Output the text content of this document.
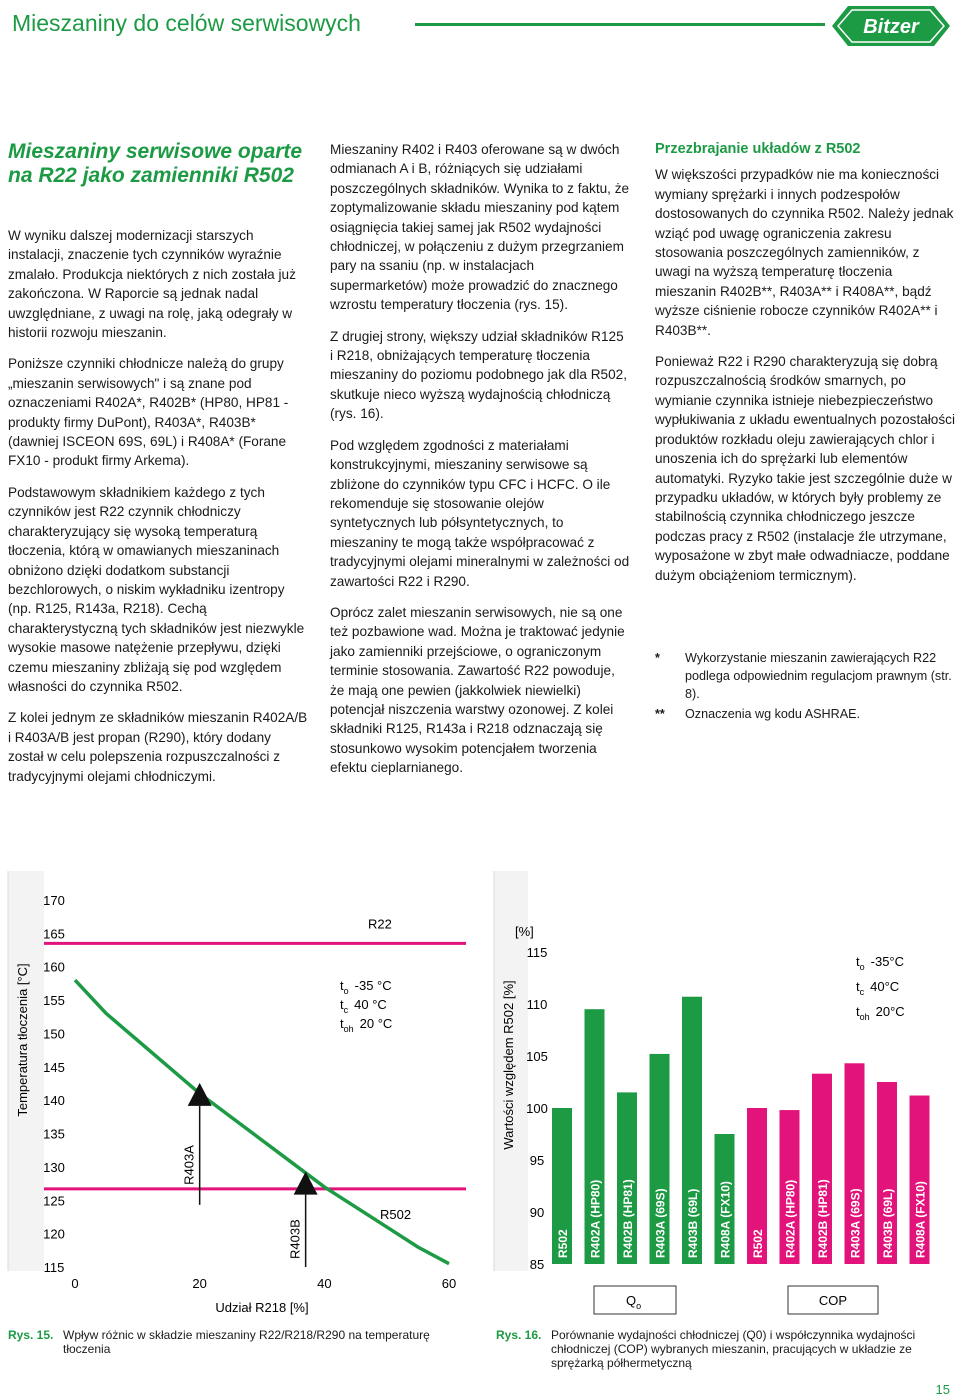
Mieszaniny do celów serwisowych	Bitzer
Mieszaniny serwisowe oparte na R22 jako zamienniki R502

W wyniku dalszej modernizacji starszych instalacji, znaczenie tych czynników wyraźnie zmalało. Produkcja niektórych z nich została już zakończona. W Raporcie są jednak nadal uwzględniane, z uwagi na rolę, jaką odegrały w historii rozwoju mieszanin.

Poniższe czynniki chłodnicze należą do grupy „mieszanin serwisowych" i są znane pod oznaczeniami R402A*, R402B* (HP80, HP81 - produkty firmy DuPont), R403A*, R403B* (dawniej ISCEON 69S, 69L) i R408A* (Forane FX10 - produkt firmy Arkema).

Podstawowym składnikiem każdego z tych czynników jest R22 czynnik chłodniczy charakteryzujący się wysoką temperaturą tłoczenia, którą w omawianych mieszaninach obniżono dzięki dodatkom substancji bezchlorowych, o niskim wykładniku izentropy (np. R125, R143a, R218). Cechą charakterystyczną tych składników jest niezwykle wysokie masowe natężenie przepływu, dzięki czemu mieszaniny zbliżają się pod względem własności do czynnika R502.

Z kolei jednym ze składników mieszanin R402A/B i R403A/B jest propan (R290), który dodany został w celu polepszenia rozpuszczalności z tradycyjnymi olejami chłodniczymi.

Mieszaniny R402 i R403 oferowane są w dwóch odmianach A i B, różniących się udziałami poszczególnych składników. Wynika to z faktu, że zoptymalizowanie składu mieszaniny pod kątem osiągnięcia takiej samej jak R502 wydajności chłodniczej, w połączeniu z dużym przegrzaniem pary na ssaniu (np. w instalacjach supermarketów) może prowadzić do znacznego wzrostu temperatury tłoczenia (rys. 15).

Z drugiej strony, większy udział składników R125 i R218, obniżających temperaturę tłoczenia mieszaniny do poziomu podobnego jak dla R502, skutkuje nieco wyższą wydajnością chłodniczą (rys. 16).

Pod względem zgodności z materiałami konstrukcyjnymi, mieszaniny serwisowe są zbliżone do czynników typu CFC i HCFC. O ile rekomenduje się stosowanie olejów syntetycznych lub półsyntetycznych, to mieszaniny te mogą także współpracować z tradycyjnymi olejami mineralnymi w zależności od zawartości R22 i R290.

Oprócz zalet mieszanin serwisowych, nie są one też pozbawione wad. Można je traktować jedynie jako zamienniki przejściowe, o ograniczonym terminie stosowania. Zawartość R22 powoduje, że mają one pewien (jakkolwiek niewielki) potencjał niszczenia warstwy ozonowej. Z kolei składniki R125, R143a i R218 odznaczają się stosunkowo wysokim potencjałem tworzenia efektu cieplarnianego.

Przezbrajanie układów z R502

W większości przypadków nie ma konieczności wymiany sprężarki i innych podzespołów dostosowanych do czynnika R502. Należy jednak wziąć pod uwagę ograniczenia zakresu stosowania poszczególnych zamienników, z uwagi na wyższą temperaturę tłoczenia mieszanin R402B**, R403A** i R408A**, bądź wyższe ciśnienie robocze czynników R402A** i R403B**.

Ponieważ R22 i R290 charakteryzują się dobrą rozpuszczalnością środków smarnych, po wymianie czynnika istnieje niebezpieczeństwo wypłukiwania z układu ewentualnych pozostałości produktów rozkładu oleju zawierających chlor i unoszenia ich do sprężarki lub elementów automatyki. Ryzyko takie jest szczególnie duże w przypadku układów, w których były problemy ze stabilnością czynnika chłodniczego jeszcze podczas pracy z R502 (instalacje źle utrzymane, wyposażone w zbyt małe odwadniacze, poddane dużym obciążeniom termicznym).

*	Wykorzystanie mieszanin zawierających R22 podlega odpowiednim regulacjom prawnym (str. 8).
**	Oznaczenia wg kodu ASHRAE.
Temperatura tłoczenia [°C]
115
120
125
130
135
140
145
150
155
160
165
170
0	20	40	60
Udział R218 [%]
R22
R502
R403A
R403B
$t_o$ -35 °C
$t_c$ 40 °C
$t_{oh}$ 20 °C
Rys. 15. Wpływ różnic w składzie mieszaniny R22/R218/R290 na temperaturę tłoczenia
Wartości względem R502 [%]
[%]
85
90
95
100
105
110
115
R502 R402A (HP80) R402B (HP81) R403A (69S) R403B (69L) R408A (FX10) R502 R402A (HP80) R402B (HP81) R403A (69S) R403B (69L) R408A (FX10)
$Q_o$	COP
$t_o$ -35°C
$t_c$ 40°C
$t_{oh}$ 20°C
Rys. 16. Porównanie wydajności chłodniczej (Q0) i współczynnika wydajności chłodniczej (COP) wybranych mieszanin, pracujących w układzie ze sprężarką półhermetyczną
15
